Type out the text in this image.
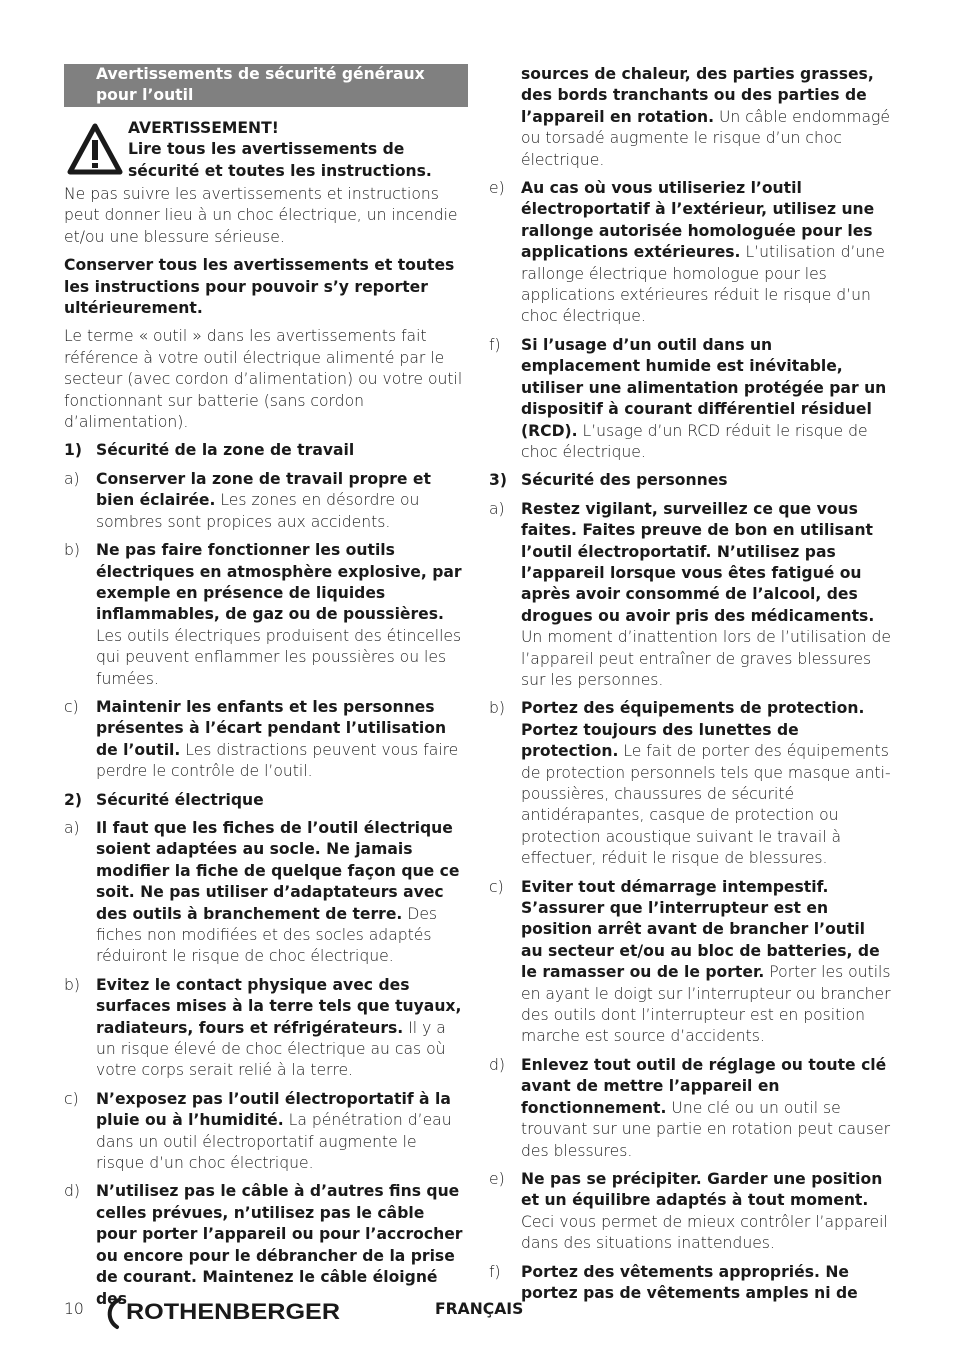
Avertissements de sécurité généraux pour l’outil

AVERTISSEMENT!

Lire tous les avertissements de sécurité et toutes les instructions.

Ne pas suivre les avertissements et instructions peut donner lieu à un choc électrique, un incendie et/ou une blessure sérieuse.

Conserver tous les avertissements et toutes les instructions pour pouvoir s’y reporter ultérieurement.

Le terme « outil » dans les avertissements fait référence à votre outil électrique alimenté par le secteur (avec cordon d’alimentation) ou votre outil fonctionnant sur batterie (sans cordon d’alimentation).

1) Sécurité de la zone de travail
a)	Conserver la zone de travail propre et bien éclairée. Les zones en désordre ou sombres sont propices aux accidents.
b)	Ne pas faire fonctionner les outils électriques en atmosphère explosive, par exemple en présence de liquides inflammables, de gaz ou de poussières. Les outils électriques produisent des étincelles qui peuvent enflammer les poussières ou les fumées.
c)	Maintenir les enfants et les personnes présentes à l’écart pendant l’utilisation de l’outil. Les distractions peuvent vous faire perdre le contrôle de l’outil.
2) Sécurité électrique
a)	Il faut que les fiches de l’outil électrique soient adaptées au socle. Ne jamais modifier la fiche de quelque façon que ce soit. Ne pas utiliser d’adaptateurs avec des outils à branchement de terre. Des fiches non modifiées et des socles adaptés réduiront le risque de choc électrique.
b)	Evitez le contact physique avec des surfaces mises à la terre tels que tuyaux, radiateurs, fours et réfrigérateurs. Il y a un risque élevé de choc électrique au cas où votre corps serait relié à la terre.
c)	N’exposez pas l’outil électroportatif à la pluie ou à l’humidité. La pénétration d’eau dans un outil électroportatif augmente le risque d’un choc électrique.
d)	N’utilisez pas le câble à d’autres fins que celles prévues, n’utilisez pas le câble pour porter l’appareil ou pour l’accrocher ou encore pour le débrancher de la prise de courant. Maintenez le câble éloigné des
sources de chaleur, des parties grasses, des bords tranchants ou des parties de l’appareil en rotation. Un câble endommagé ou torsadé augmente le risque d’un choc électrique.
e)	Au cas où vous utiliseriez l’outil électroportatif à l’extérieur, utilisez une rallonge autorisée homologuée pour les applications extérieures. L’utilisation d’une rallonge électrique homologue pour les applications extérieures réduit le risque d’un choc électrique.
f)	Si l’usage d’un outil dans un emplacement humide est inévitable, utiliser une alimentation protégée par un dispositif à courant différentiel résiduel (RCD). L’usage d’un RCD réduit le risque de choc électrique.
3) Sécurité des personnes
a)	Restez vigilant, surveillez ce que vous faites. Faites preuve de bon en utilisant l’outil électroportatif. N’utilisez pas l’appareil lorsque vous êtes fatigué ou après avoir consommé de l’alcool, des drogues ou avoir pris des médicaments. Un moment d’inattention lors de l’utilisation de l’appareil peut entraîner de graves blessures sur les personnes.
b)	Portez des équipements de protection. Portez toujours des lunettes de protection. Le fait de porter des équipements de protection personnels tels que masque anti-poussières, chaussures de sécurité antidérapantes, casque de protection ou protection acoustique suivant le travail à effectuer, réduit le risque de blessures.
c)	Eviter tout démarrage intempestif. S’assurer que l’interrupteur est en position arrêt avant de brancher l’outil au secteur et/ou au bloc de batteries, de le ramasser ou de le porter. Porter les outils en ayant le doigt sur l’interrupteur ou brancher des outils dont l’interrupteur est en position marche est source d’accidents.
d)	Enlevez tout outil de réglage ou toute clé avant de mettre l’appareil en fonctionnement. Une clé ou un outil se trouvant sur une partie en rotation peut causer des blessures.
e)	Ne pas se précipiter. Garder une position et un équilibre adaptés à tout moment. Ceci vous permet de mieux contrôler l’appareil dans des situations inattendues.
f)	Portez des vêtements appropriés. Ne portez pas de vêtements amples ni de
10 ROTHENBERGER	FRANÇAIS
